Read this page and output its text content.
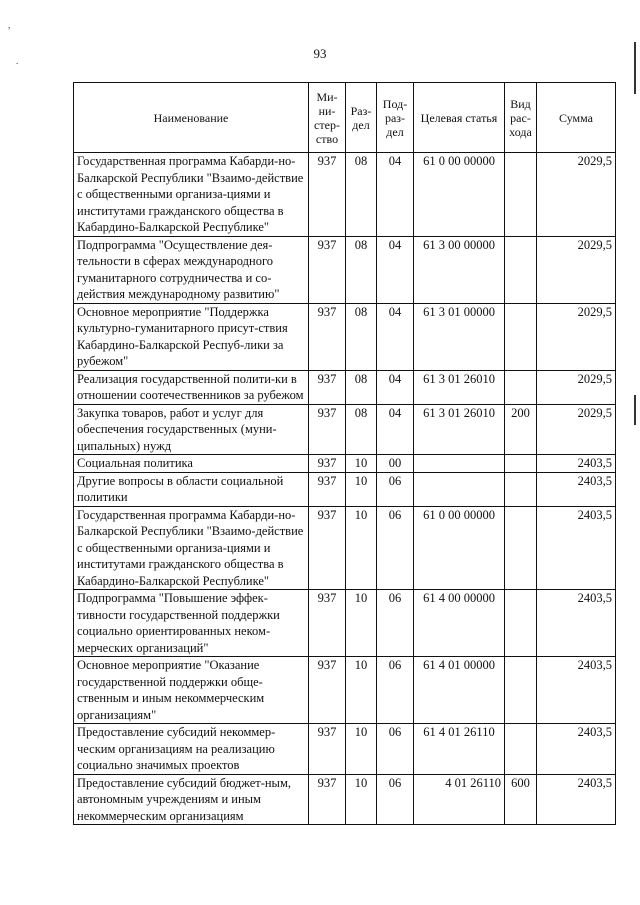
93
,
.
Наименование	Ми-ни-стер-ство	Раз-дел	Под-раз-дел	Целевая статья	Вид рас-хода	Сумма
Государственная программа Кабарди-но-Балкарской Республики "Взаимо-действие с общественными организа-циями и институтами гражданского общества в Кабардино-Балкарской Республике"	937	08	04	61 0 00 00000		2029,5
Подпрограмма "Осуществление дея-тельности в сферах международного гуманитарного сотрудничества и со-действия международному развитию"	937	08	04	61 3 00 00000		2029,5
Основное мероприятие "Поддержка культурно-гуманитарного присут-ствия Кабардино-Балкарской Респуб-лики за рубежом"	937	08	04	61 3 01 00000		2029,5
Реализация государственной полити-ки в отношении соотечественников за рубежом	937	08	04	61 3 01 26010		2029,5
Закупка товаров, работ и услуг для обеспечения государственных (муни-ципальных) нужд	937	08	04	61 3 01 26010	200	2029,5
Социальная политика	937	10	00			2403,5
Другие вопросы в области социальной политики	937	10	06			2403,5
Государственная программа Кабарди-но-Балкарской Республики "Взаимо-действие с общественными организа-циями и институтами гражданского общества в Кабардино-Балкарской Республике"	937	10	06	61 0 00 00000		2403,5
Подпрограмма "Повышение эффек-тивности государственной поддержки социально ориентированных неком-мерческих организаций"	937	10	06	61 4 00 00000		2403,5
Основное мероприятие "Оказание государственной поддержки обще-ственным и иным некоммерческим организациям"	937	10	06	61 4 01 00000		2403,5
Предоставление субсидий некоммер-ческим организациям на реализацию социально значимых проектов	937	10	06	61 4 01 26110		2403,5
Предоставление субсидий бюджет-ным, автономным учреждениям и иным некоммерческим организациям	937	10	06	4 01 26110	600	2403,5
